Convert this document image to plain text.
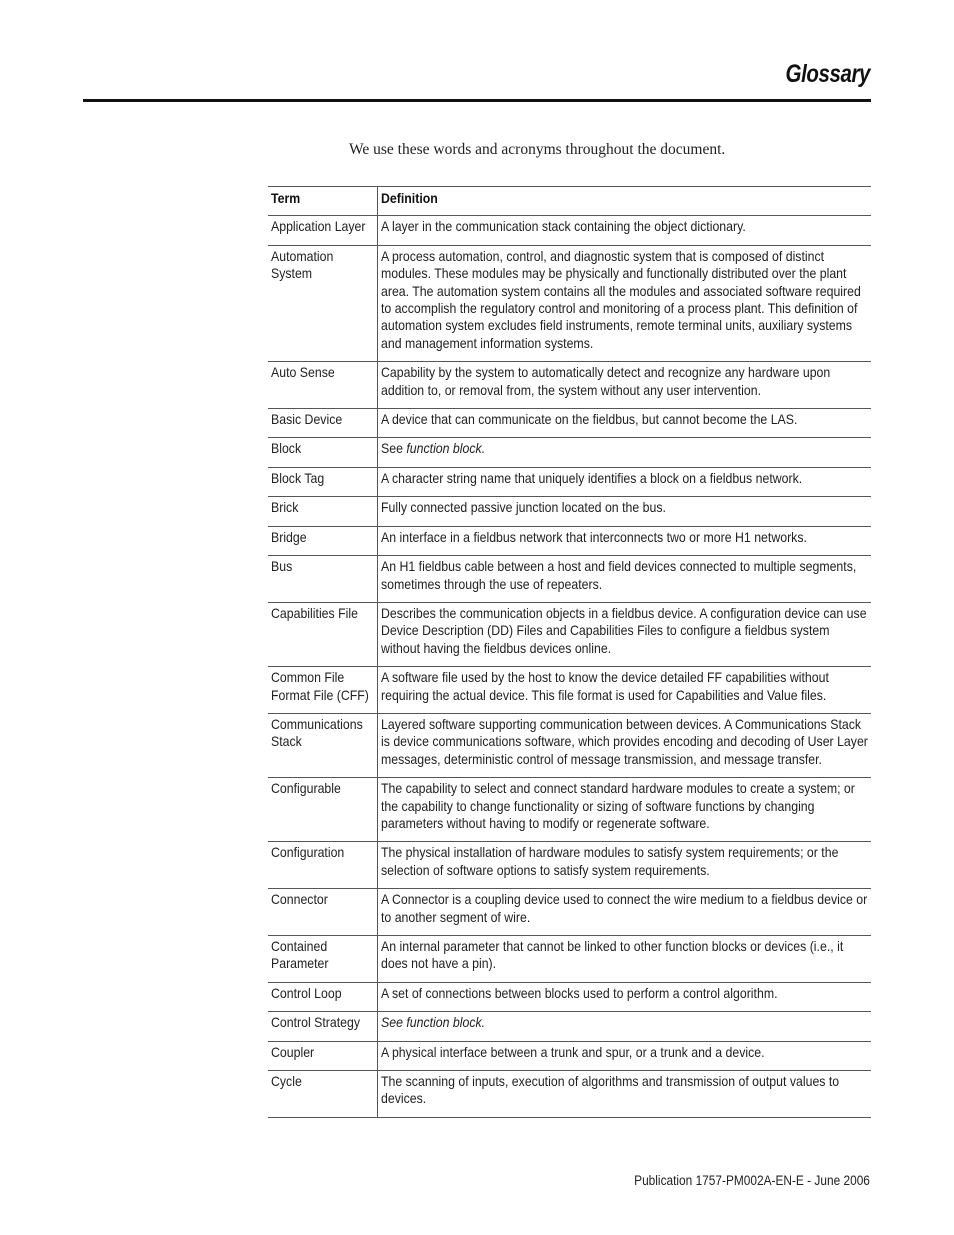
Glossary
We use these words and acronyms throughout the document.
Term	Definition
Application Layer	A layer in the communication stack containing the object dictionary.
Automation System	A process automation, control, and diagnostic system that is composed of distinct modules. These modules may be physically and functionally distributed over the plant area. The automation system contains all the modules and associated software required to accomplish the regulatory control and monitoring of a process plant. This definition of automation system excludes field instruments, remote terminal units, auxiliary systems and management information systems.
Auto Sense	Capability by the system to automatically detect and recognize any hardware upon addition to, or removal from, the system without any user intervention.
Basic Device	A device that can communicate on the fieldbus, but cannot become the LAS.
Block	See function block.
Block Tag	A character string name that uniquely identifies a block on a fieldbus network.
Brick	Fully connected passive junction located on the bus.
Bridge	An interface in a fieldbus network that interconnects two or more H1 networks.
Bus	An H1 fieldbus cable between a host and field devices connected to multiple segments, sometimes through the use of repeaters.
Capabilities File	Describes the communication objects in a fieldbus device. A configuration device can use Device Description (DD) Files and Capabilities Files to configure a fieldbus system without having the fieldbus devices online.
Common File Format File (CFF)	A software file used by the host to know the device detailed FF capabilities without requiring the actual device. This file format is used for Capabilities and Value files.
Communications Stack	Layered software supporting communication between devices. A Communications Stack is device communications software, which provides encoding and decoding of User Layer messages, deterministic control of message transmission, and message transfer.
Configurable	The capability to select and connect standard hardware modules to create a system; or the capability to change functionality or sizing of software functions by changing parameters without having to modify or regenerate software.
Configuration	The physical installation of hardware modules to satisfy system requirements; or the selection of software options to satisfy system requirements.
Connector	A Connector is a coupling device used to connect the wire medium to a fieldbus device or to another segment of wire.
Contained Parameter	An internal parameter that cannot be linked to other function blocks or devices (i.e., it does not have a pin).
Control Loop	A set of connections between blocks used to perform a control algorithm.
Control Strategy	See function block.
Coupler	A physical interface between a trunk and spur, or a trunk and a device.
Cycle	The scanning of inputs, execution of algorithms and transmission of output values to devices.
Publication 1757-PM002A-EN-E - June 2006
